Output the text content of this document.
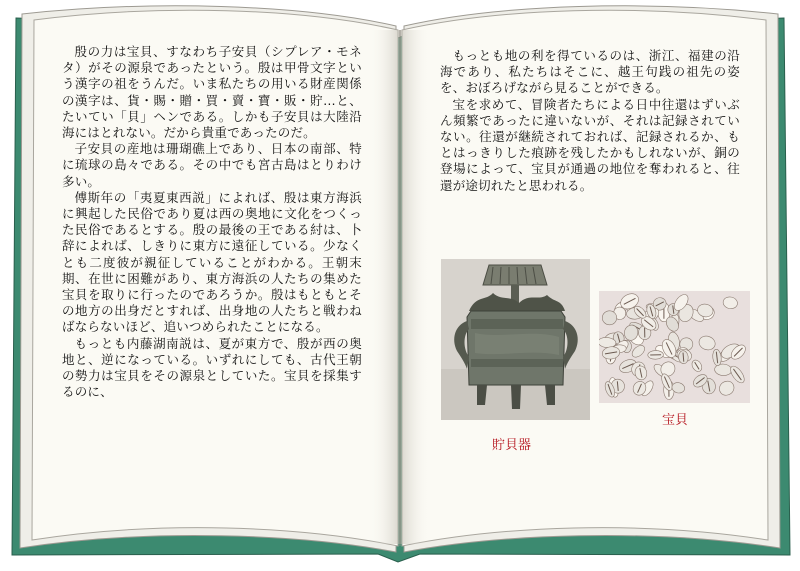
殷の力は宝貝、すなわち子安貝（シプレア・モネタ）がその源泉であったという。殷は甲骨文字という漢字の祖をうんだ。いま私たちの用いる財産関係の漢字は、貨・賜・贈・買・賣・寶・販・貯…と、たいてい「貝」ヘンである。しかも子安貝は大陸沿海にはとれない。だから貴重であったのだ。

子安貝の産地は珊瑚礁上であり、日本の南部、特に琉球の島々である。その中でも宮古島はとりわけ多い。

傅斯年の「夷夏東西説」によれば、殷は東方海浜に興起した民俗であり夏は西の奥地に文化をつくった民俗であるとする。殷の最後の王である紂は、卜辞によれば、しきりに東方に遠征している。少なくとも二度彼が親征していることがわかる。王朝末期、在世に困難があり、東方海浜の人たちの集めた宝貝を取りに行ったのであろうか。殷はもともとその地方の出身だとすれば、出身地の人たちと戦わねばならないほど、追いつめられたことになる。

もっとも内藤湖南説は、夏が東方で、殷が西の奥地と、逆になっている。いずれにしても、古代王朝の勢力は宝貝をその源泉としていた。宝貝を採集するのに、

もっとも地の利を得ているのは、浙江、福建の沿海であり、私たちはそこに、越王句践の祖先の姿を、おぼろげながら見ることができる。

宝を求めて、冒険者たちによる日中往還はずいぶん頻繁であったに違いないが、それは記録されていない。往還が継続されておれば、記録されるか、もとはっきりした痕跡を残したかもしれないが、銅の登場によって、宝貝が通過の地位を奪われると、往還が途切れたと思われる。

貯貝器
宝貝
